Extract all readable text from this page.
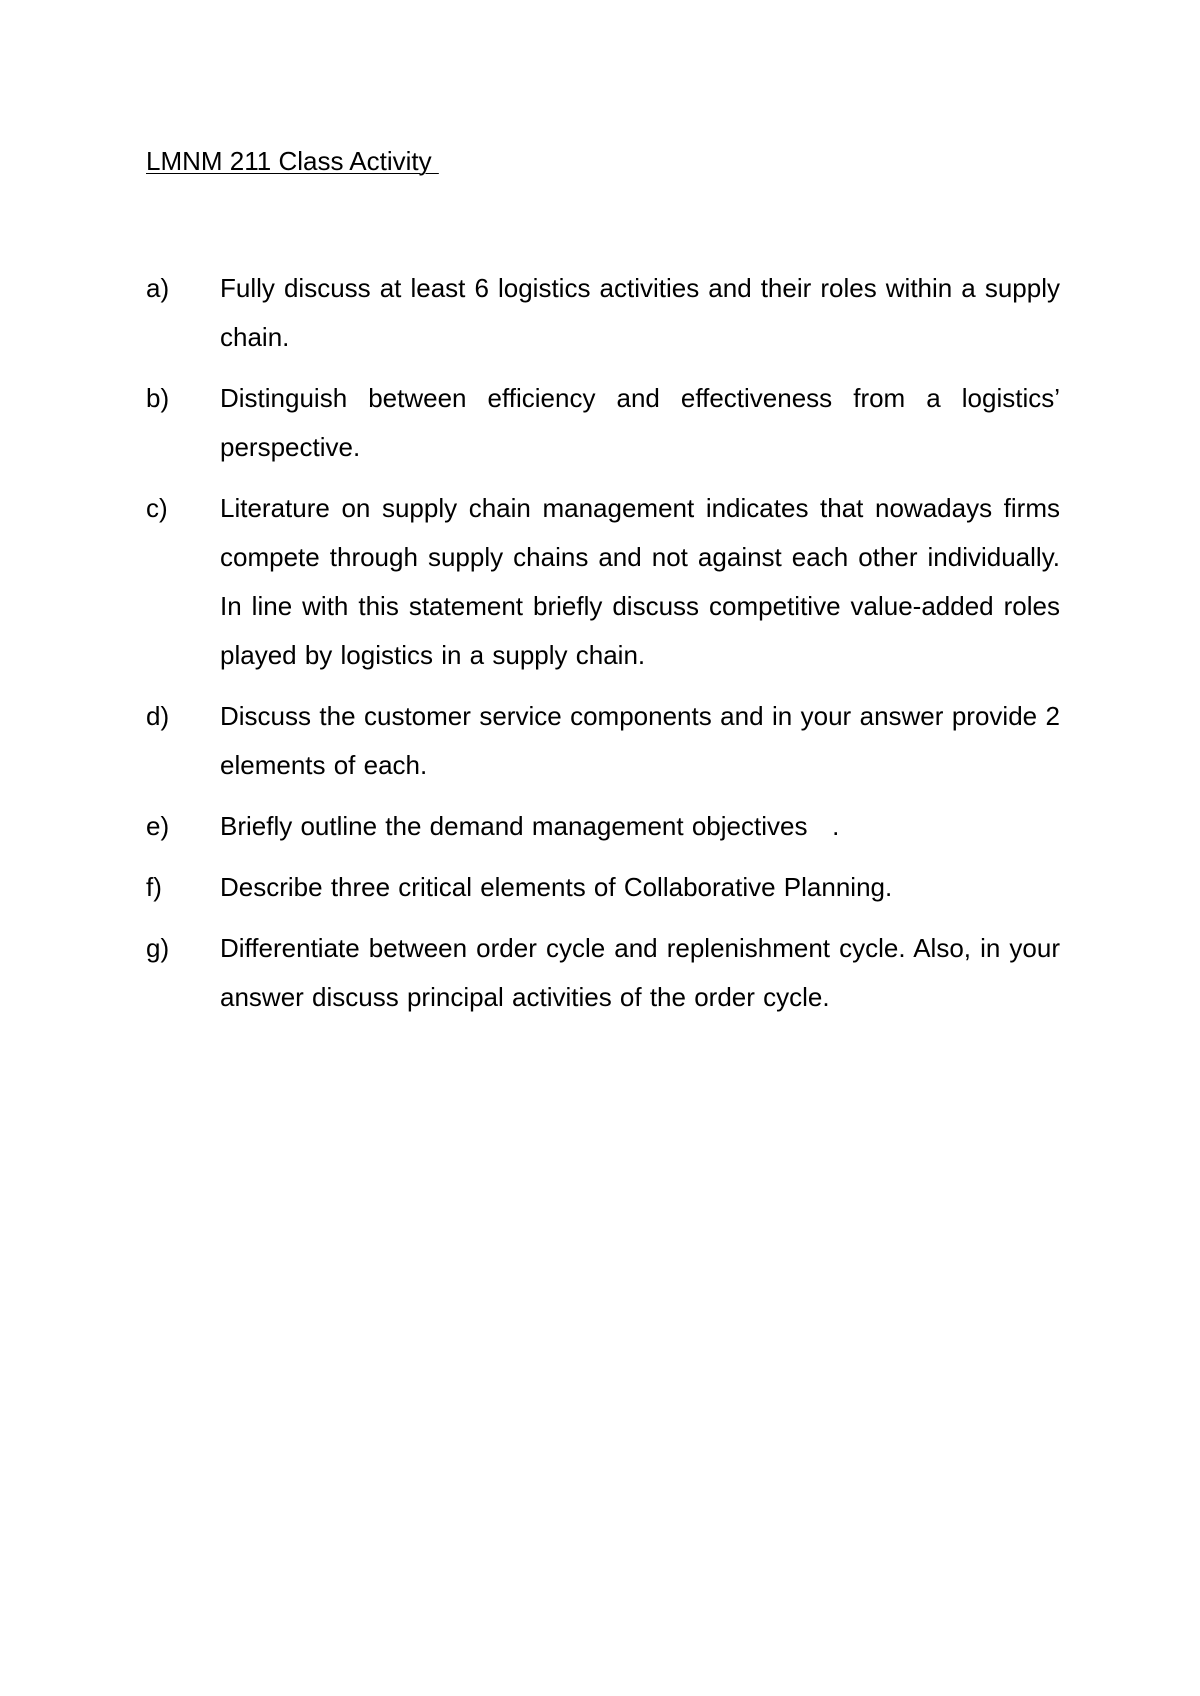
LMNM 211 Class Activity
a)	Fully discuss at least 6 logistics activities and their roles within a supply chain.
b)	Distinguish between efficiency and effectiveness from a logistics’ perspective.
c)	Literature on supply chain management indicates that nowadays firms compete through supply chains and not against each other individually. In line with this statement briefly discuss competitive value-added roles played by logistics in a supply chain.
d)	Discuss the customer service components and in your answer provide 2 elements of each.
e)	Briefly outline the demand management objectives   .
f)	Describe three critical elements of Collaborative Planning.
g)	Differentiate between order cycle and replenishment cycle. Also, in your answer discuss principal activities of the order cycle.
